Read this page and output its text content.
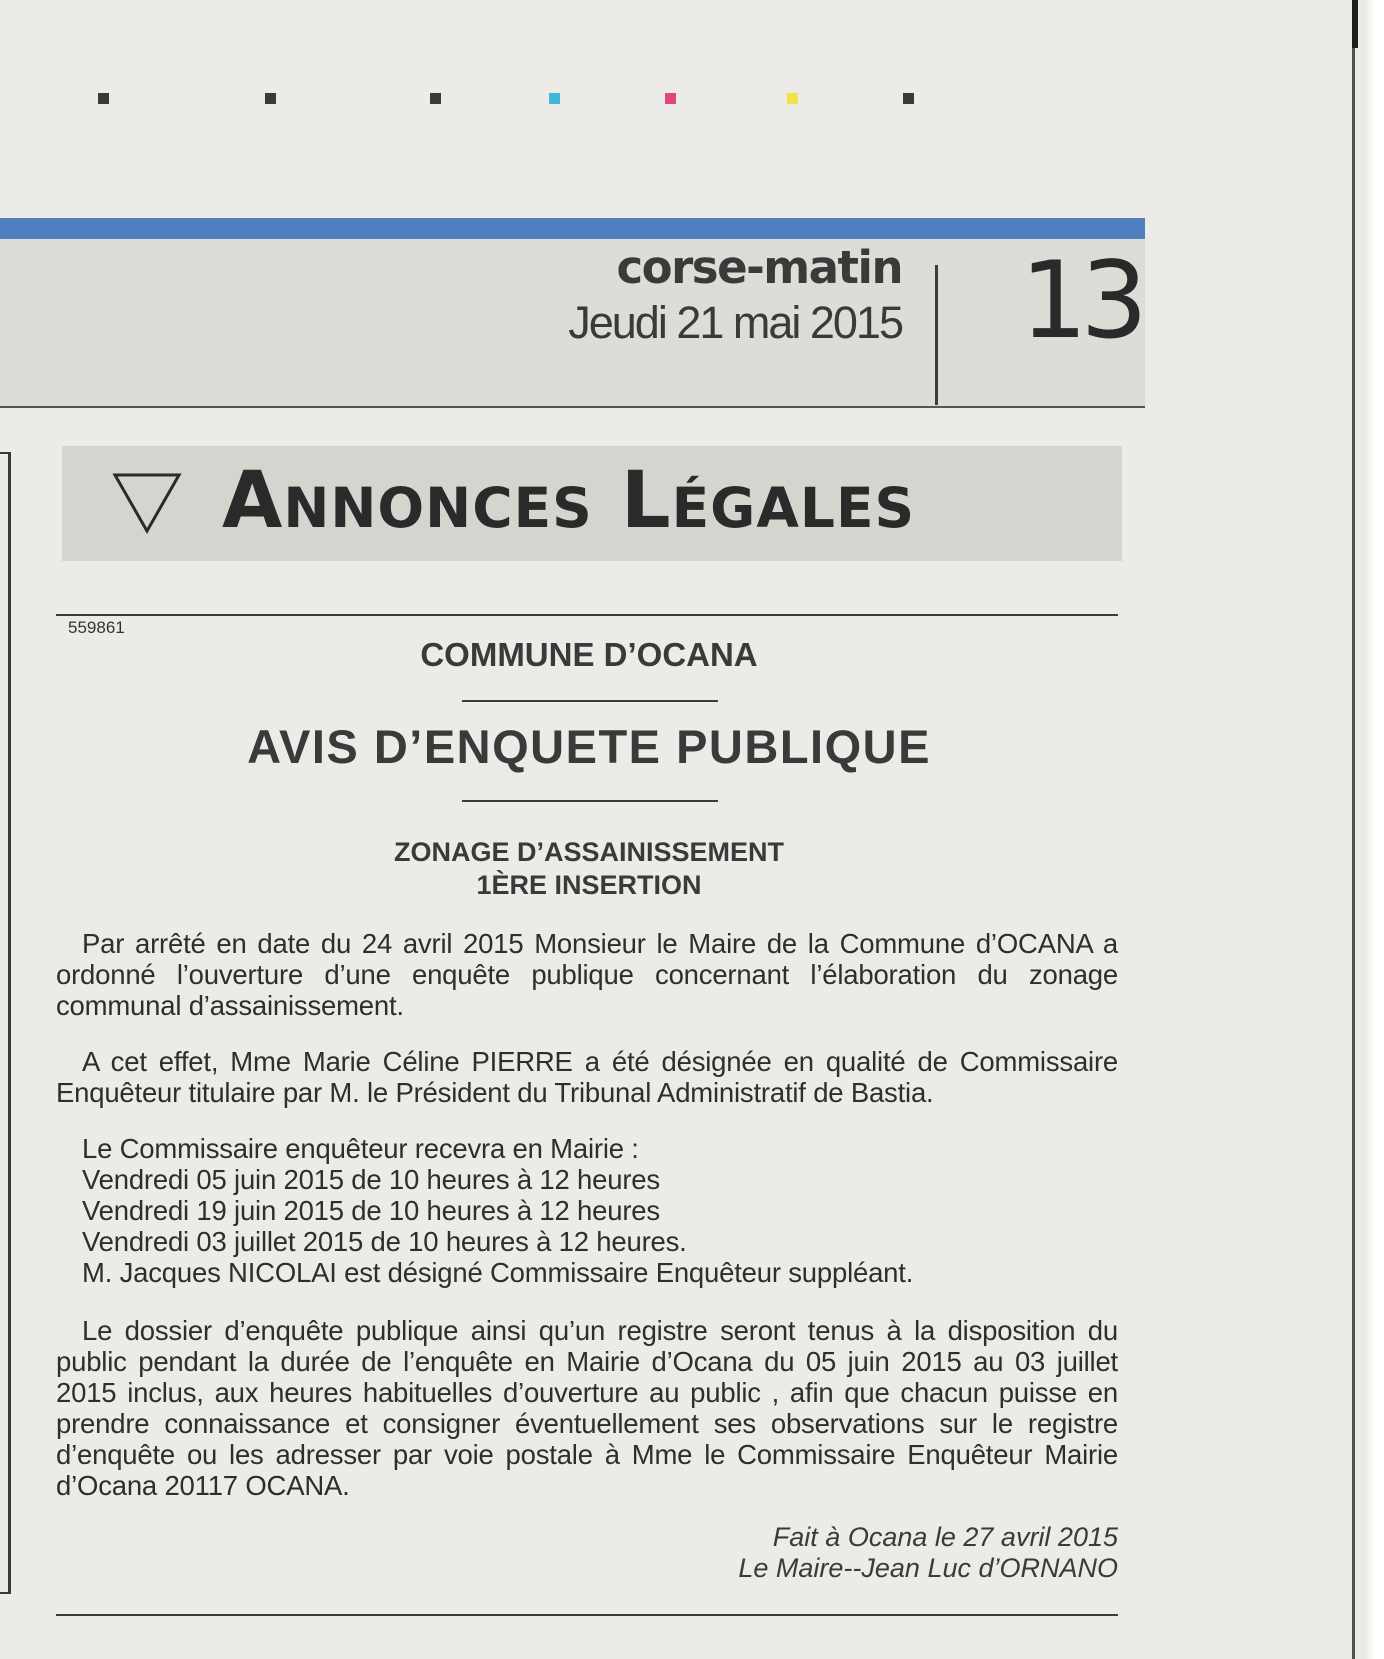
corse-matin
Jeudi 21 mai 2015 13
Annonces Légales
559861
COMMUNE D’OCANA
AVIS D’ENQUETE PUBLIQUE
ZONAGE D’ASSAINISSEMENT
1ÈRE INSERTION

Par arrêté en date du 24 avril 2015 Monsieur le Maire de la Commune d’OCANA a ordonné l’ouverture d’une enquête publique concernant l’élaboration du zonage communal d’assainissement.

A cet effet, Mme Marie Céline PIERRE a été désignée en qualité de Commissaire Enquêteur titulaire par M. le Président du Tribunal Administratif de Bastia.

Le Commissaire enquêteur recevra en Mairie :
Vendredi 05 juin 2015 de 10 heures à 12 heures
Vendredi 19 juin 2015 de 10 heures à 12 heures
Vendredi 03 juillet 2015 de 10 heures à 12 heures.
M. Jacques NICOLAI est désigné Commissaire Enquêteur suppléant.

Le dossier d’enquête publique ainsi qu’un registre seront tenus à la disposition du public pendant la durée de l’enquête en Mairie d’Ocana du 05 juin 2015 au 03 juillet 2015 inclus, aux heures habituelles d’ouverture au public , afin que chacun puisse en prendre connaissance et consigner éventuellement ses observations sur le registre d’enquête ou les adresser par voie postale à Mme le Commissaire Enquêteur Mairie d’Ocana 20117 OCANA.

Fait à Ocana le 27 avril 2015
Le Maire--Jean Luc d’ORNANO
